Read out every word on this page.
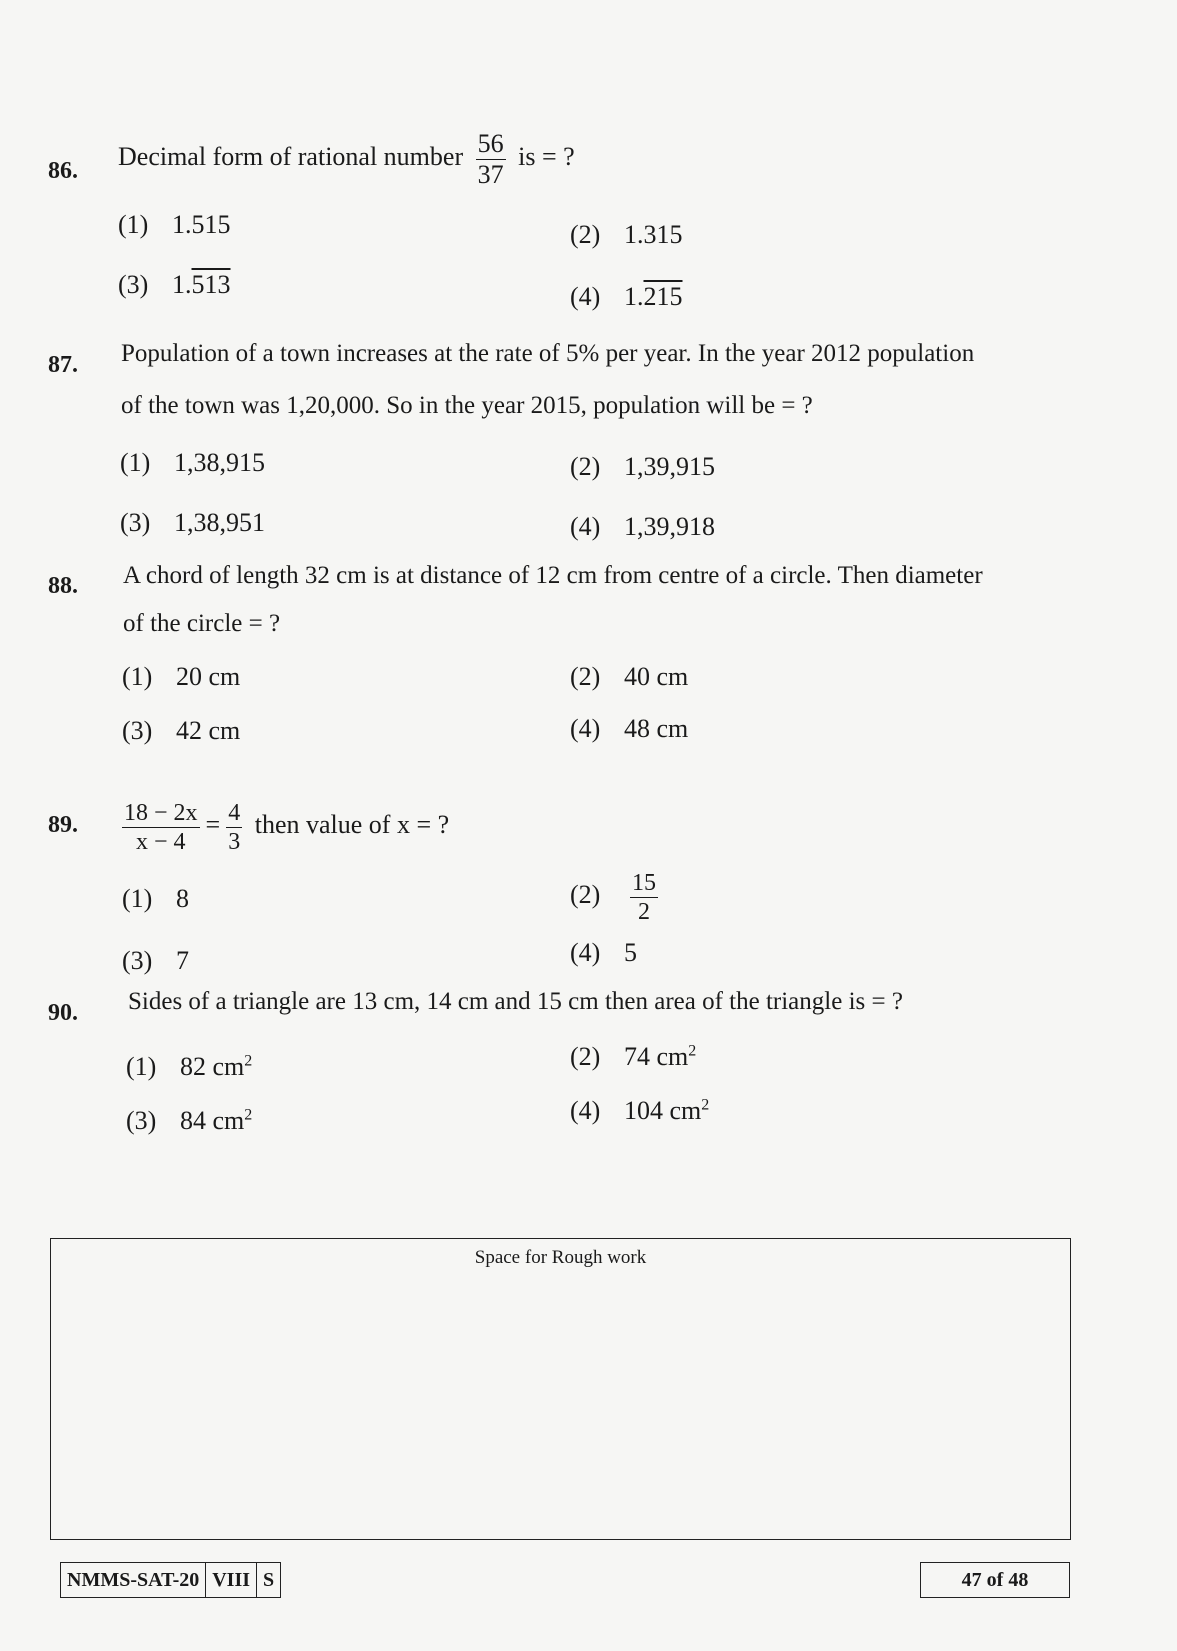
86. Decimal form of rational number $\frac{56}{37}$ is = ?
(1) 1.515	(2) 1.315
(3) 1.513	(4) 1.215
87. Population of a town increases at the rate of 5% per year. In the year 2012 population
of the town was 1,20,000. So in the year 2015, population will be = ?
(1) 1,38,915	(2) 1,39,915
(3) 1,38,951	(4) 1,39,918
88. A chord of length 32 cm is at distance of 12 cm from centre of a circle. Then diameter
of the circle = ?
(1) 20 cm	(2) 40 cm
(3) 42 cm	(4) 48 cm
89. $\frac{18 - 2x}{x - 4} = \frac{4}{3}$ then value of x = ?
(1) 8	$(2) \frac{15}{2}$
(3) 7	(4) 5
90. Sides of a triangle are 13 cm, 14 cm and 15 cm then area of the triangle is = ?
(1) 82 $cm^2$	(2) 74 $cm^2$
(3) 84 $cm^2$	(4) 104 $cm^2$
Space for Rough work
NMMS-SAT-20 VIII S	47 of 48
